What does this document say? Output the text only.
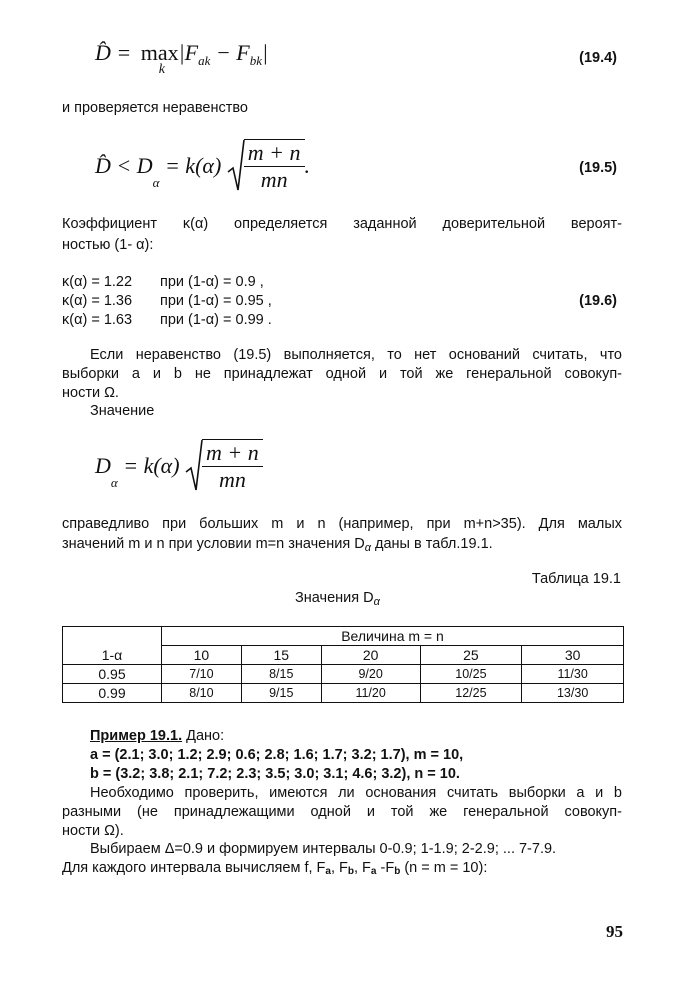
D̂ = max
k
$|F_{ak} - F_{bk}|$	(19.4)
и проверяется неравенство
D̂ < $D_\alpha = k(\alpha) \frac{m + n}{mn}$ .	(19.5)
Коэффициент κ(α) определяется заданной доверительной вероят-
ностью (1- α):
κ(α) = 1.22 при (1-α) = 0.9 ,
κ(α) = 1.36 при (1-α) = 0.95 ,
κ(α) = 1.63 при (1-α) = 0.99 .
(19.6)
Если неравенство (19.5) выполняется, то нет оснований считать, что
выборки a и b не принадлежат одной и той же генеральной совокуп-
ности Ω.
Значение
$D_\alpha = k(\alpha) \frac{m + n}{mn}$
справедливо при больших m и n (например, при m+n>35). Для малых
значений m и n при условии m=n значения $D_\alpha$ даны в табл.19.1.
Таблица 19.1
Значения $D_\alpha$
1-α	Величина m = n				
	10	15	20	25	30
0.95	7/10	8/15	9/20	10/25	11/30
0.99	8/10	9/15	11/20	12/25	13/30
Пример 19.1. Дано:
a = (2.1; 3.0; 1.2; 2.9; 0.6; 2.8; 1.6; 1.7; 3.2; 1.7), m = 10,
b = (3.2; 3.8; 2.1; 7.2; 2.3; 3.5; 3.0; 3.1; 4.6; 3.2), n = 10.
Необходимо проверить, имеются ли основания считать выборки a и b
разными (не принадлежащими одной и той же генеральной совокуп-
ности Ω).
Выбираем Δ=0.9 и формируем интервалы 0-0.9; 1-1.9; 2-2.9; ... 7-7.9.
Для каждого интервала вычисляем f, Fa, Fb, Fa -Fb (n = m = 10):
95
